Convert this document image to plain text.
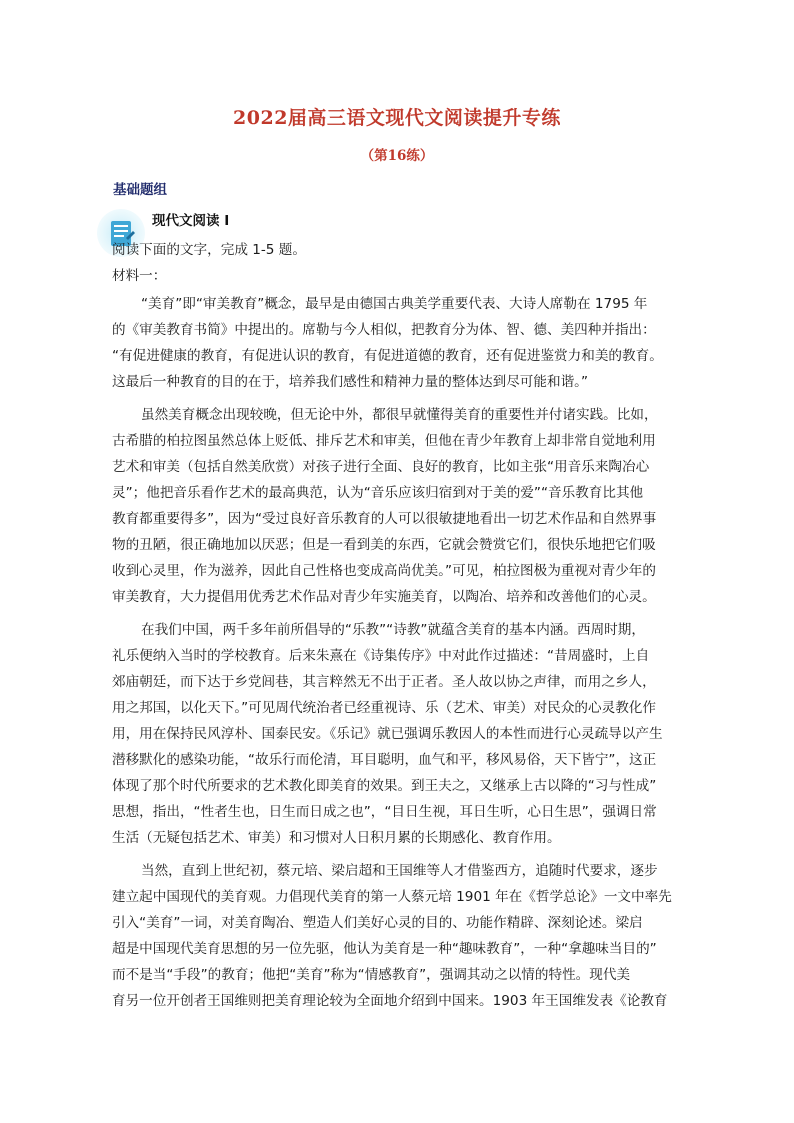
2022届高三语文现代文阅读提升专练
（第16练）
基础题组
现代文阅读 I
阅读下面的文字，完成 1-5 题。
材料一：
“美育”即“审美教育”概念，最早是由德国古典美学重要代表、大诗人席勒在 1795 年
的《审美教育书简》中提出的。席勒与今人相似，把教育分为体、智、德、美四种并指出：
“有促进健康的教育，有促进认识的教育，有促进道德的教育，还有促进鉴赏力和美的教育。
这最后一种教育的目的在于，培养我们感性和精神力量的整体达到尽可能和谐。”
虽然美育概念出现较晚，但无论中外，都很早就懂得美育的重要性并付诸实践。比如，
古希腊的柏拉图虽然总体上贬低、排斥艺术和审美，但他在青少年教育上却非常自觉地利用
艺术和审美（包括自然美欣赏）对孩子进行全面、良好的教育，比如主张“用音乐来陶冶心
灵”；他把音乐看作艺术的最高典范，认为“音乐应该归宿到对于美的爱”“音乐教育比其他
教育都重要得多”，因为“受过良好音乐教育的人可以很敏捷地看出一切艺术作品和自然界事
物的丑陋，很正确地加以厌恶；但是一看到美的东西，它就会赞赏它们，很快乐地把它们吸
收到心灵里，作为滋养，因此自己性格也变成高尚优美。”可见，柏拉图极为重视对青少年的
审美教育，大力提倡用优秀艺术作品对青少年实施美育，以陶冶、培养和改善他们的心灵。
在我们中国，两千多年前所倡导的“乐教”“诗教”就蕴含美育的基本内涵。西周时期，
礼乐便纳入当时的学校教育。后来朱熹在《诗集传序》中对此作过描述：“昔周盛时，上自
郊庙朝廷，而下达于乡党闾巷，其言粹然无不出于正者。圣人故以协之声律，而用之乡人，
用之邦国，以化天下。”可见周代统治者已经重视诗、乐（艺术、审美）对民众的心灵教化作
用，用在保持民风淳朴、国泰民安。《乐记》就已强调乐教因人的本性而进行心灵疏导以产生
潜移默化的感染功能，“故乐行而伦清，耳目聪明，血气和平，移风易俗，天下皆宁”，这正
体现了那个时代所要求的艺术教化即美育的效果。到王夫之，又继承上古以降的“习与性成”
思想，指出，“性者生也，日生而日成之也”，“目日生视，耳日生听，心日生思”，强调日常
生活（无疑包括艺术、审美）和习惯对人日积月累的长期感化、教育作用。
当然，直到上世纪初，蔡元培、梁启超和王国维等人才借鉴西方，追随时代要求，逐步
建立起中国现代的美育观。力倡现代美育的第一人蔡元培 1901 年在《哲学总论》一文中率先
引入“美育”一词，对美育陶冶、塑造人们美好心灵的目的、功能作精辟、深刻论述。梁启
超是中国现代美育思想的另一位先驱，他认为美育是一种“趣味教育”，一种“拿趣味当目的”
而不是当“手段”的教育；他把“美育”称为“情感教育”，强调其动之以情的特性。现代美
育另一位开创者王国维则把美育理论较为全面地介绍到中国来。1903 年王国维发表《论教育
